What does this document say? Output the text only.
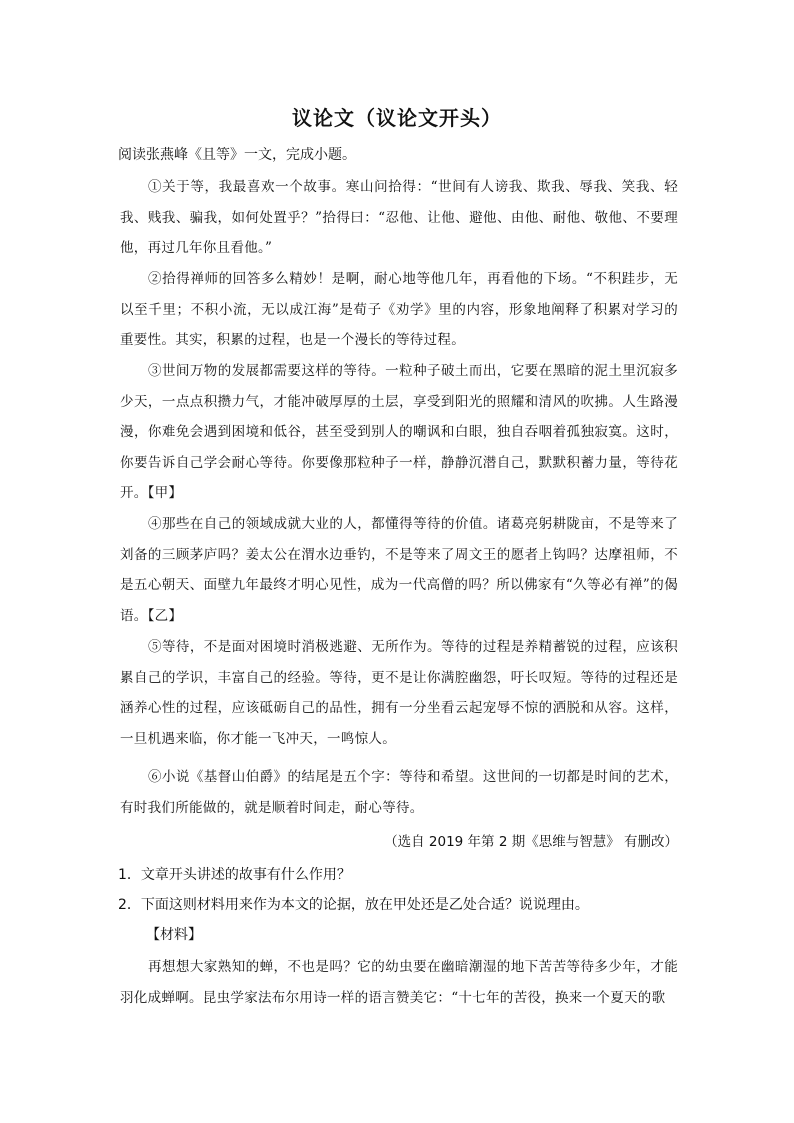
议论文（议论文开头）
阅读张燕峰《且等》一文，完成小题。
①关于等，我最喜欢一个故事。寒山问拾得：“世间有人谤我、欺我、辱我、笑我、轻我、贱我、骗我，如何处置乎？”拾得曰：“忍他、让他、避他、由他、耐他、敬他、不要理他，再过几年你且看他。”
②拾得禅师的回答多么精妙！是啊，耐心地等他几年，再看他的下场。“不积跬步，无以至千里；不积小流，无以成江海”是荀子《劝学》里的内容，形象地阐释了积累对学习的重要性。其实，积累的过程，也是一个漫长的等待过程。
③世间万物的发展都需要这样的等待。一粒种子破土而出，它要在黑暗的泥土里沉寂多少天，一点点积攒力气，才能冲破厚厚的土层，享受到阳光的照耀和清风的吹拂。人生路漫漫，你难免会遇到困境和低谷，甚至受到别人的嘲讽和白眼，独自吞咽着孤独寂寞。这时，你要告诉自己学会耐心等待。你要像那粒种子一样，静静沉潜自己，默默积蓄力量，等待花开。【甲】
④那些在自己的领域成就大业的人，都懂得等待的价值。诸葛亮躬耕陇亩，不是等来了刘备的三顾茅庐吗？姜太公在渭水边垂钓，不是等来了周文王的愿者上钩吗？达摩祖师，不是五心朝天、面壁九年最终才明心见性，成为一代高僧的吗？所以佛家有“久等必有禅”的偈语。【乙】
⑤等待，不是面对困境时消极逃避、无所作为。等待的过程是养精蓄锐的过程，应该积累自己的学识，丰富自己的经验。等待，更不是让你满腔幽怨，吁长叹短。等待的过程还是涵养心性的过程，应该砥砺自己的品性，拥有一分坐看云起宠辱不惊的洒脱和从容。这样，一旦机遇来临，你才能一飞冲天，一鸣惊人。
⑥小说《基督山伯爵》的结尾是五个字：等待和希望。这世间的一切都是时间的艺术，有时我们所能做的，就是顺着时间走，耐心等待。
（选自 2019 年第 2 期《思维与智慧》 有删改）
1．文章开头讲述的故事有什么作用？
2．下面这则材料用来作为本文的论据，放在甲处还是乙处合适？说说理由。
【材料】
再想想大家熟知的蝉，不也是吗？它的幼虫要在幽暗潮湿的地下苦苦等待多少年，才能羽化成蝉啊。昆虫学家法布尔用诗一样的语言赞美它：“十七年的苦役，换来一个夏天的歌
